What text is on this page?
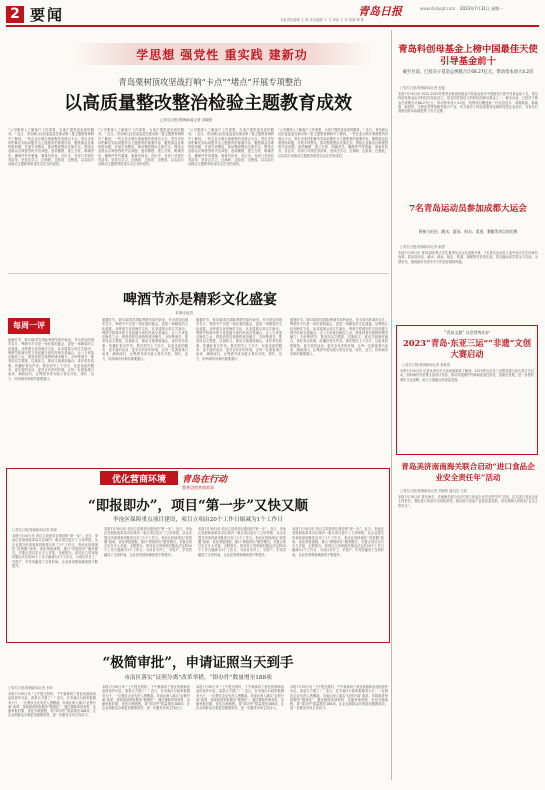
2 要闻	青岛日报	www.dailyqd.com 2023年7月31日 星期一
本版责任编辑 王 维 美术编辑 于 飞 审读 于 萍 排版 韩 彬
学思想 强党性 重实践 建新功
青岛栗树顶攻坚战打响“卡点”“堵点”开展专项整治
以高质量整改整治检验主题教育成效
□青岛日报/观海新闻记者 刘晓阳
“公司要深入了解客户工作需要，为客户提供更优质的服务。” 近日，青岛崂山区纪委监委在推动第二批主题教育调研中了解到，一些企业反映办事流程仍有堵点卡点。青岛市坚持把解决实际问题作为主题教育的重要内容，聚焦群众急难愁盼问题，开展专项整治，推动整改整治走深走实。围绕企业群众反映强烈的突出问题，逐项梳理、建立台账、明确责任，确保件件有着落、事事有回音。各区市、各部门对照任务清单，坚持边学习、边调研、边检视、边整改，以实际行动推动主题教育取得实实在在的成效。
“公司要深入了解客户工作需要，为客户提供更优质的服务。” 近日，青岛崂山区纪委监委在推动第二批主题教育调研中了解到，一些企业反映办事流程仍有堵点卡点。青岛市坚持把解决实际问题作为主题教育的重要内容，聚焦群众急难愁盼问题，开展专项整治，推动整改整治走深走实。围绕企业群众反映强烈的突出问题，逐项梳理、建立台账、明确责任，确保件件有着落、事事有回音。各区市、各部门对照任务清单，坚持边学习、边调研、边检视、边整改，以实际行动推动主题教育取得实实在在的成效。
“公司要深入了解客户工作需要，为客户提供更优质的服务。” 近日，青岛崂山区纪委监委在推动第二批主题教育调研中了解到，一些企业反映办事流程仍有堵点卡点。青岛市坚持把解决实际问题作为主题教育的重要内容，聚焦群众急难愁盼问题，开展专项整治，推动整改整治走深走实。围绕企业群众反映强烈的突出问题，逐项梳理、建立台账、明确责任，确保件件有着落、事事有回音。各区市、各部门对照任务清单，坚持边学习、边调研、边检视、边整改，以实际行动推动主题教育取得实实在在的成效。
“公司要深入了解客户工作需要，为客户提供更优质的服务。” 近日，青岛崂山区纪委监委在推动第二批主题教育调研中了解到，一些企业反映办事流程仍有堵点卡点。青岛市坚持把解决实际问题作为主题教育的重要内容，聚焦群众急难愁盼问题，开展专项整治，推动整改整治走深走实。围绕企业群众反映强烈的突出问题，逐项梳理、建立台账、明确责任，确保件件有着落、事事有回音。各区市、各部门对照任务清单，坚持边学习、边调研、边检视、边整改，以实际行动推动主题教育取得实实在在的成效。
青岛科创母基金上榜中国最佳天使引导基金前十
截至目前，已投决子基金总规模合计68.27亿元，带动资本放大4.2倍
□青岛日报/观海新闻记者 张健
本报7月30日讯 2022-2023年度青岛科创母基金引导基金获评中国最佳天使引导基金前十名，青岛科创母基金由市科技局发起设立，是全国首批设立的科技创新母基金之一。截至目前，已投决子基金总规模合计68.27亿元，带动资本放大4.2倍，投资项目覆盖新一代信息技术、高端装备、新能源、新材料、生物医药等战略性新兴产业，有力推动了科技成果转化和科技型企业成长，为青岛打造科创资本高地提供了有力支撑。
7名青岛运动员参加成都大运会
将参与田径、跳水、游泳、射击、柔道、赛艇等项目的比赛
□青岛日报/观海新闻记者 陈勇
本报7月30日讯 第31届世界大学生夏季运动会在成都开幕，7名青岛运动员入选中国大学生体育代表团，将参加田径、跳水、游泳、射击、柔道、赛艇等项目的比赛。青岛籍运动员将全力以赴，为国争光，展现新时代青年学子的良好精神风貌。
“青岛文旅” 社会智库出炉
2023“青岛·东亚三运”“非遗”文创大赛启动
□青岛日报/观海新闻记者 张敬普
本报7月30日讯 记者从青岛市文化和旅游局了解到，2023青岛东亚三运暨非遗文创大赛正式启动，面向海内外征集文创设计作品，推动非遗保护传承和创造性转化、创新性发展，进一步擦亮城市文化品牌，助力文旅融合高质量发展。
青岛美济南南海关联合启动“进口食品企业安全责任年”活动
□青岛日报/观海新闻记者 刘晓阳 通讯员 王婧
本报7月30日讯 青岛海关、济南海关联合启动“进口食品企业安全责任年”活动，压实进口食品企业主体责任，强化进口食品安全风险防控，推动进口食品产业高质量发展，切实保障人民群众“舌尖上的安全”。
啤酒节亦是精彩文化盛宴
本报评论员
每周一评
盛夏时节，第33届青岛国际啤酒节如约而至。作为青岛的城市名片，啤酒节不仅是一场狂欢的盛会，更是一场精彩的文化盛宴。从啤酒文化到海洋文化，从非遗展示到文艺演出，啤酒节将城市的文化底蕴与现代时尚完美融合，让八方来客在畅饮之余，感受到青岛独特的城市魅力。办好啤酒节，要坚持以文塑旅、以旅彰文，推动文旅深度融合，讲好青岛故事，传播好青岛声音。要在细节上下功夫，以更优质的服务、更丰富的活动、更安全有序的环境，让每一位游客乘兴而来、满意而归，让啤酒节成为展示青岛开放、现代、活力、时尚城市形象的重要窗口。
盛夏时节，第33届青岛国际啤酒节如约而至。作为青岛的城市名片，啤酒节不仅是一场狂欢的盛会，更是一场精彩的文化盛宴。从啤酒文化到海洋文化，从非遗展示到文艺演出，啤酒节将城市的文化底蕴与现代时尚完美融合，让八方来客在畅饮之余，感受到青岛独特的城市魅力。办好啤酒节，要坚持以文塑旅、以旅彰文，推动文旅深度融合，讲好青岛故事，传播好青岛声音。要在细节上下功夫，以更优质的服务、更丰富的活动、更安全有序的环境，让每一位游客乘兴而来、满意而归，让啤酒节成为展示青岛开放、现代、活力、时尚城市形象的重要窗口。
盛夏时节，第33届青岛国际啤酒节如约而至。作为青岛的城市名片，啤酒节不仅是一场狂欢的盛会，更是一场精彩的文化盛宴。从啤酒文化到海洋文化，从非遗展示到文艺演出，啤酒节将城市的文化底蕴与现代时尚完美融合，让八方来客在畅饮之余，感受到青岛独特的城市魅力。办好啤酒节，要坚持以文塑旅、以旅彰文，推动文旅深度融合，讲好青岛故事，传播好青岛声音。要在细节上下功夫，以更优质的服务、更丰富的活动、更安全有序的环境，让每一位游客乘兴而来、满意而归，让啤酒节成为展示青岛开放、现代、活力、时尚城市形象的重要窗口。
盛夏时节，第33届青岛国际啤酒节如约而至。作为青岛的城市名片，啤酒节不仅是一场狂欢的盛会，更是一场精彩的文化盛宴。从啤酒文化到海洋文化，从非遗展示到文艺演出，啤酒节将城市的文化底蕴与现代时尚完美融合，让八方来客在畅饮之余，感受到青岛独特的城市魅力。办好啤酒节，要坚持以文塑旅、以旅彰文，推动文旅深度融合，讲好青岛故事，传播好青岛声音。要在细节上下功夫，以更优质的服务、更丰富的活动、更安全有序的环境，让每一位游客乘兴而来、满意而归，让啤酒节成为展示青岛开放、现代、活力、时尚城市形象的重要窗口。
优化营商环境	青岛在行动
我身边的营商故事
“即报即办”，项目“第一步”又快又顺
李沧区保障重点项目建设，项目立项由20个工作日缩减为1个工作日
□青岛日报/观海新闻记者 张晓
本报7月30日讯 项目立项是项目建设的“第一步”。近日，李沧区发展和改革局对区域内一重点项目进行了立项审批，从企业提交申请到拿到批复仅用了1个工作日。李沧区持续深化“放管服”改革，优化审批流程，推行“即报即办”服务模式，对重点项目实行专人对接、全程帮办，将项目立项审批时限由法定的20个工作日缩减为1个工作日，为项目早开工、早投产、早见效赢得了宝贵时间，企业获得感和满意度不断提升。
本报7月30日讯 项目立项是项目建设的“第一步”。近日，李沧区发展和改革局对区域内一重点项目进行了立项审批，从企业提交申请到拿到批复仅用了1个工作日。李沧区持续深化“放管服”改革，优化审批流程，推行“即报即办”服务模式，对重点项目实行专人对接、全程帮办，将项目立项审批时限由法定的20个工作日缩减为1个工作日，为项目早开工、早投产、早见效赢得了宝贵时间，企业获得感和满意度不断提升。
本报7月30日讯 项目立项是项目建设的“第一步”。近日，李沧区发展和改革局对区域内一重点项目进行了立项审批，从企业提交申请到拿到批复仅用了1个工作日。李沧区持续深化“放管服”改革，优化审批流程，推行“即报即办”服务模式，对重点项目实行专人对接、全程帮办，将项目立项审批时限由法定的20个工作日缩减为1个工作日，为项目早开工、早投产、早见效赢得了宝贵时间，企业获得感和满意度不断提升。
本报7月30日讯 项目立项是项目建设的“第一步”。近日，李沧区发展和改革局对区域内一重点项目进行了立项审批，从企业提交申请到拿到批复仅用了1个工作日。李沧区持续深化“放管服”改革，优化审批流程，推行“即报即办”服务模式，对重点项目实行专人对接、全程帮办，将项目立项审批时限由法定的20个工作日缩减为1个工作日，为项目早开工、早投产、早见效赢得了宝贵时间，企业获得感和满意度不断提升。
“极简审批”，申请证照当天到手
市南区落实“证照分离”改革举措，“即办件”数量增至188项
□青岛日报/观海新闻记者 李沛
本报7月30日讯 “上午提交材料，下午就拿到了营业执照和食品经营许可证，真是太方便了！” 近日，在市南区行政审批服务大厅，一位餐饮企业负责人感慨道。市南区深入落实“证照分离”改革，持续推进审批服务“极简化”，通过精简申请材料、压缩审批时限、优化办理流程，将“即办件”数量增至188项，让企业和群众办事更加便捷高效，进一步激发市场主体活力。
本报7月30日讯 “上午提交材料，下午就拿到了营业执照和食品经营许可证，真是太方便了！” 近日，在市南区行政审批服务大厅，一位餐饮企业负责人感慨道。市南区深入落实“证照分离”改革，持续推进审批服务“极简化”，通过精简申请材料、压缩审批时限、优化办理流程，将“即办件”数量增至188项，让企业和群众办事更加便捷高效，进一步激发市场主体活力。
本报7月30日讯 “上午提交材料，下午就拿到了营业执照和食品经营许可证，真是太方便了！” 近日，在市南区行政审批服务大厅，一位餐饮企业负责人感慨道。市南区深入落实“证照分离”改革，持续推进审批服务“极简化”，通过精简申请材料、压缩审批时限、优化办理流程，将“即办件”数量增至188项，让企业和群众办事更加便捷高效，进一步激发市场主体活力。
本报7月30日讯 “上午提交材料，下午就拿到了营业执照和食品经营许可证，真是太方便了！” 近日，在市南区行政审批服务大厅，一位餐饮企业负责人感慨道。市南区深入落实“证照分离”改革，持续推进审批服务“极简化”，通过精简申请材料、压缩审批时限、优化办理流程，将“即办件”数量增至188项，让企业和群众办事更加便捷高效，进一步激发市场主体活力。
